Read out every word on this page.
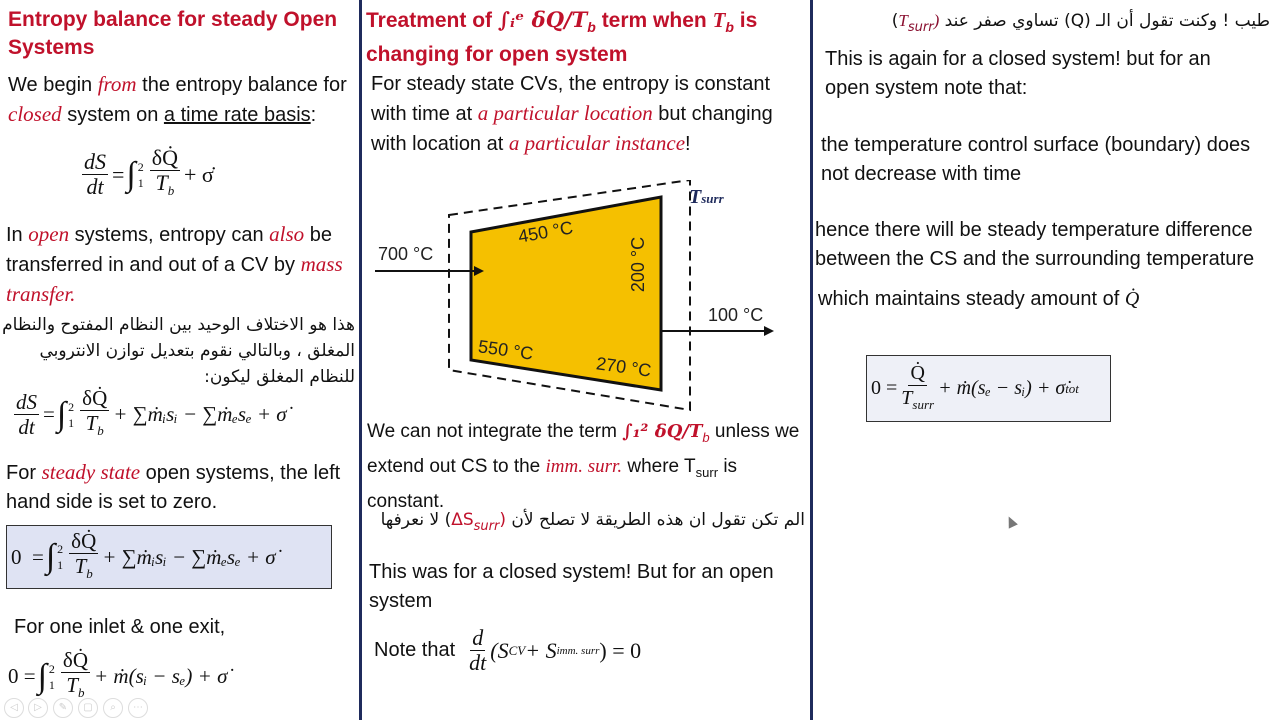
Entropy balance for steady Open Systems
We begin from the entropy balance for closed system on a time rate basis:
$\frac{dS}{dt}$ = ∫ 2
$1 \frac{\delta Q̇}{T_b}$ + σ̇
In open systems, entropy can also be transferred in and out of a CV by mass transfer.
هذا هو الاختلاف الوحيد بين النظام المفتوح والنظام المغلق ، وبالتالي نقوم بتعديل توازن الانتروبي للنظام المغلق ليكون:
$\frac{dS}{dt}$ = ∫ 2
$1 \frac{\delta Q̇}{T_b}$ + ∑ṁᵢsᵢ − ∑ṁₑsₑ + σ̇
For steady state open systems, the left hand side is set to zero.
0
= ∫ 2
$1 \frac{\delta Q̇}{T_b}$ + ∑ṁᵢsᵢ − ∑ṁₑsₑ + σ̇
For one inlet & one exit,
0 = ∫ 2
$1 \frac{\delta Q̇}{T_b}$ + ṁ(sᵢ − sₑ) + σ̇
Treatment of ∫ᵢᵉ $\delta Q/T_b$ term when $T_b$ is changing for open system
For steady state CVs, the entropy is constant with time at a particular location but changing with location at a particular instance!
Tsurr
700 °C
100 °C
450 °C
200 °C
550 °C
270 °C
We can not integrate the term ∫₁² $\delta Q/T_b$ unless we extend out CS to the imm. surr. where $T_{surr}$ is constant.
الم تكن تقول ان هذه الطريقة لا تصلح لأن $(\Delta S_{surr})$ لا نعرفها
This was for a closed system! But for an open system
Note that $\frac{d}{dt} (S$ CV + S imm. surr ) = 0
طيب ! وكنت تقول أن الـ (Q) تساوي صفر عند $(T_{surr})$
This is again for a closed system! but for an open system note that:
the temperature control surface (boundary) does not decrease with time
hence there will be steady temperature difference between the CS and the surrounding temperature
which maintains steady amount of Q̇
$0 = \frac{Q̇}{T_{surr}}$ + ṁ(sₑ − sᵢ) + σ̇ tot
◁	▷	✎	▢	⌕	⋯
